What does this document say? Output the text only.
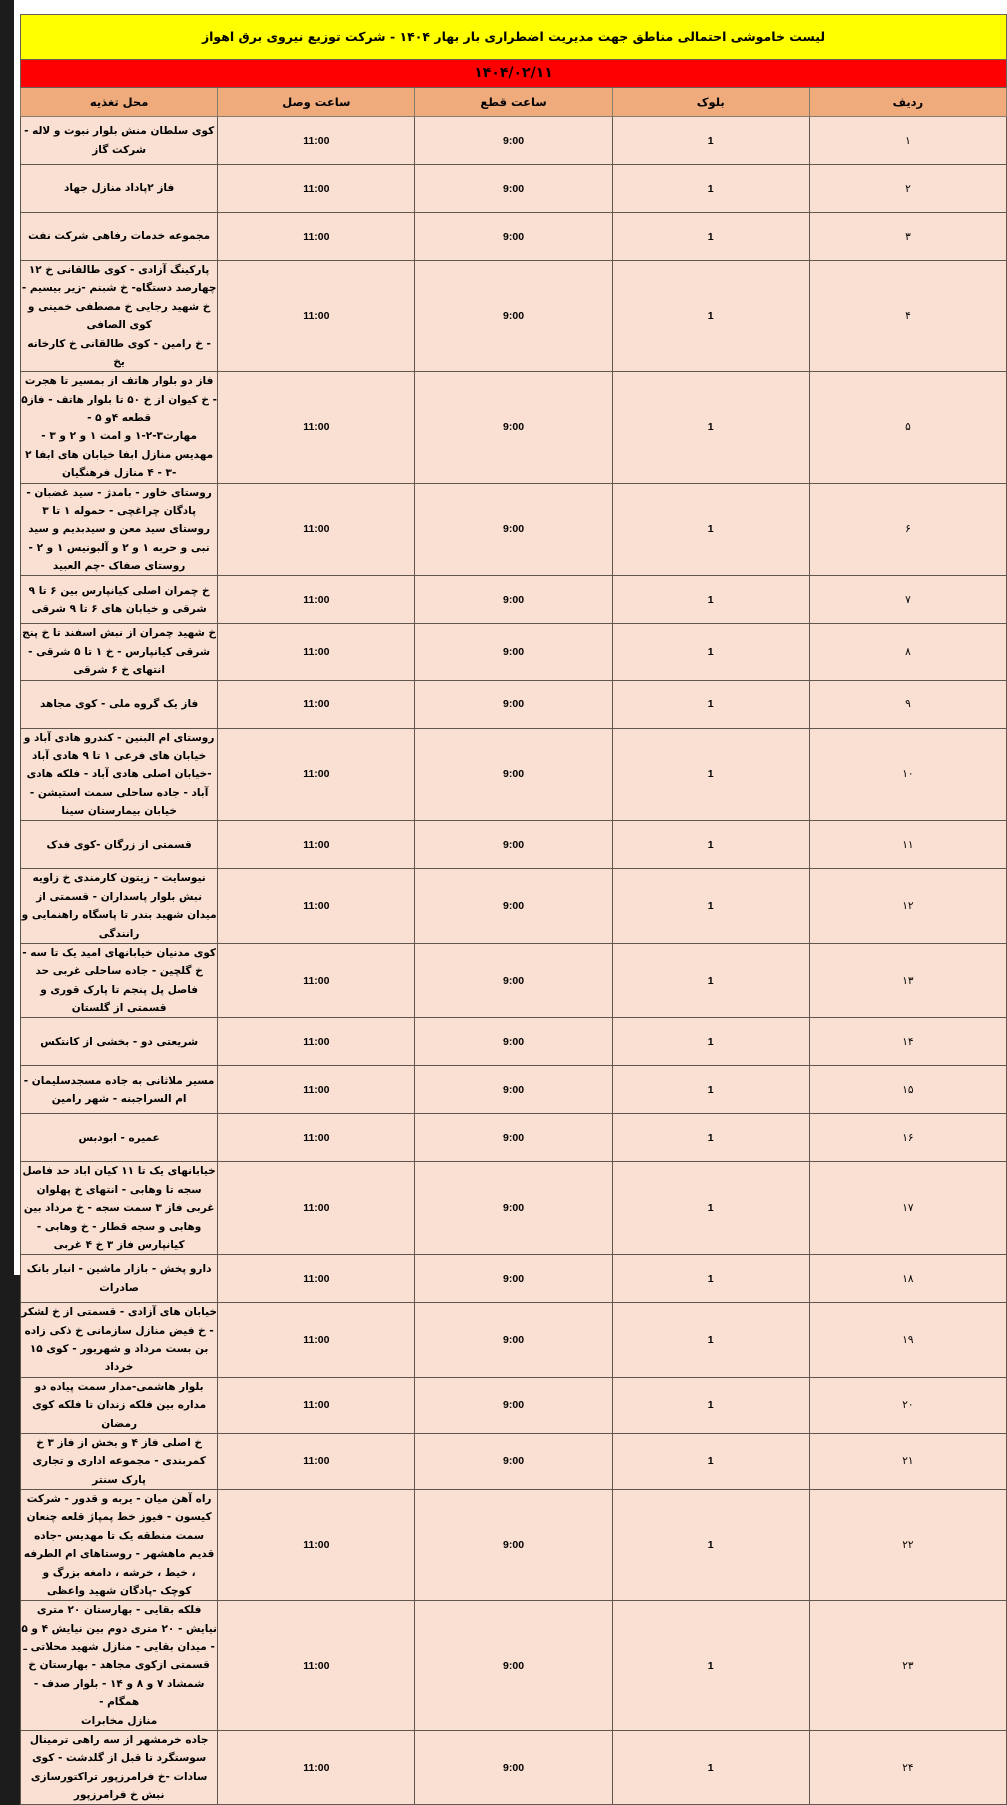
لیست خاموشی احتمالی مناطق جهت مدیریت اضطراری بار بهار ۱۴۰۴ - شرکت توزیع نیروی برق اهواز				
۱۴۰۴/۰۲/۱۱				
ردیف	بلوک	ساعت قطع	ساعت وصل	محل تغذیه
۱	1	9:00	11:00	کوی سلطان منش بلوار نبوت و لاله - شرکت گاز

۲	1	9:00	11:00	فاز ۲پاداد منازل جهاد

۳	1	9:00	11:00	مجموعه خدمات رفاهی شرکت نفت

۴	1	9:00	11:00	پارکینگ آزادی - کوی طالقانی خ ۱۲ چهارصد دستگاه- خ شبنم -زیر بیسیم - خ شهید رجایی خ مصطفی خمینی و کوی الصافی
- خ رامین - کوی طالقانی خ کارخانه یخ

۵	1	9:00	11:00	فاز دو بلوار هاتف از بمسیر تا هجرت - خ کیوان از خ ۵۰ تا بلوار هاتف - فاز۵ قطعه ۴و ۵ -
مهارت۳-۲-۱ و امت ۱ و ۲ و ۳ - مهدیس منازل ابفا خیابان های ابفا ۲ -۳ - ۴ منازل فرهنگیان

۶	1	9:00	11:00	روستای خاور - بامدژ - سید غضبان - پادگان چراغچی - حموله ۱ تا ۳ روستای سید معن و سیدبدیم و سید نبی و حربه ۱ و ۲ و آلبونیس ۱ و ۲ - روستای صفاک -چم العبید

۷	1	9:00	11:00	خ چمران اصلی کیانپارس بین ۶ تا ۹ شرقی و خیابان های ۶ تا ۹ شرقی

۸	1	9:00	11:00	خ شهید چمران از نبش اسفند تا خ پنج شرقی کیانپارس - خ ۱ تا ۵ شرقی - انتهای خ ۶ شرقی

۹	1	9:00	11:00	فاز یک گروه ملی - کوی مجاهد

۱۰	1	9:00	11:00	روستای ام البنین - کندرو هادی آباد و خیابان های فرعی ۱ تا ۹ هادی آباد -خیابان اصلی هادی آباد - فلکه هادی آباد - جاده ساحلی سمت استیشن - خیابان بیمارستان سینا

۱۱	1	9:00	11:00	قسمتی از زرگان -کوی فدک

۱۲	1	9:00	11:00	نیوسایت - زیتون کارمندی خ زاویه نبش بلوار پاسداران - قسمتی از میدان شهید بندر تا پاسگاه راهنمایی و رانندگی

۱۳	1	9:00	11:00	کوی مدنیان خیابانهای امید یک تا سه - خ گلچین - جاده ساحلی غربی حد فاصل پل پنجم تا پارک قوری و قسمتی از گلستان

۱۴	1	9:00	11:00	شریعتی دو - بخشی از کانتکس

۱۵	1	9:00	11:00	مسیر ملاثانی به جاده مسجدسلیمان - ام السراجبنه - شهر رامین

۱۶	1	9:00	11:00	عمیره - ابودبس

۱۷	1	9:00	11:00	خیابانهای یک تا ۱۱ کیان اباد حد فاصل سجه تا وهابی - انتهای خ پهلوان غربی فاز ۳ سمت سجه - خ مرداد بین وهابی و سجه قطار - خ وهابی - کیانپارس فاز ۳ خ ۴ غربی

۱۸	1	9:00	11:00	دارو پخش - بازار ماشین - انبار بانک صادرات

۱۹	1	9:00	11:00	خیابان های آزادی - قسمتی از خ لشکر - خ فیض منازل سازمانی خ ذکی زاده بن بست مرداد و شهریور - کوی ۱۵ خرداد

۲۰	1	9:00	11:00	بلوار هاشمی-مدار سمت پیاده دو مداره بین فلکه زندان تا فلکه کوی رمضان

۲۱	1	9:00	11:00	خ اصلی فاز ۴ و بخش از فاز ۳ خ کمربندی - مجموعه اداری و تجاری پارک سنتر

۲۲	1	9:00	11:00	راه آهن میان - یربه و قدور - شرکت کیسون - فیوز خط پمپاژ قلعه چنعان سمت منطقه یک تا مهدیس -جاده قدیم ماهشهر - روستاهای ام الطرفه ، خیط ، خرشه ، دامغه بزرگ و
کوچک -پادگان شهید واعظی

۲۳	1	9:00	11:00	فلکه بقایی - بهارستان ۲۰ متری نیایش - ۲۰ متری دوم بین نیایش ۴ و ۵ - میدان بقایی - منازل شهید محلاتی ـ قسمتی ازکوی مجاهد - بهارستان خ شمشاد ۷ و ۸ و ۱۴ - بلوار صدف - همگام -
منازل مخابرات

۲۴	1	9:00	11:00	جاده خرمشهر از سه راهی ترمینال سوستگرد تا قبل از گلدشت - کوی سادات -خ فرامرزپور تراکتورسازی نبش خ فرامرزپور
